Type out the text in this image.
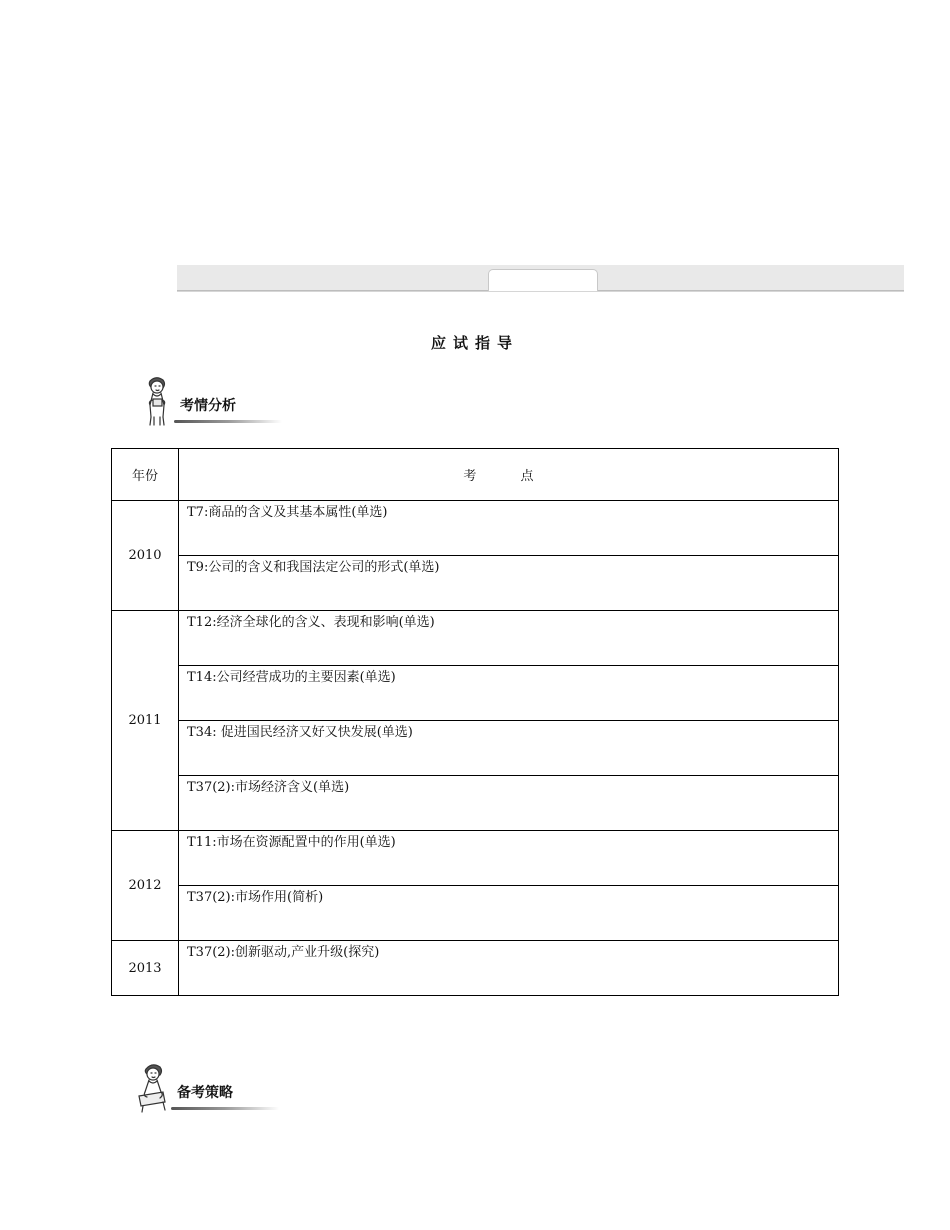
应试指导
考情分析
年份	考 点
2010	T7:商品的含义及其基本属性(单选)
	T9:公司的含义和我国法定公司的形式(单选)
2011	T12:经济全球化的含义、表现和影响(单选)
	T14:公司经营成功的主要因素(单选)
	T34: 促进国民经济又好又快发展(单选)
	T37(2):市场经济含义(单选)
2012	T11:市场在资源配置中的作用(单选)
	T37(2):市场作用(简析)
2013	T37(2):创新驱动,产业升级(探究)
备考策略
